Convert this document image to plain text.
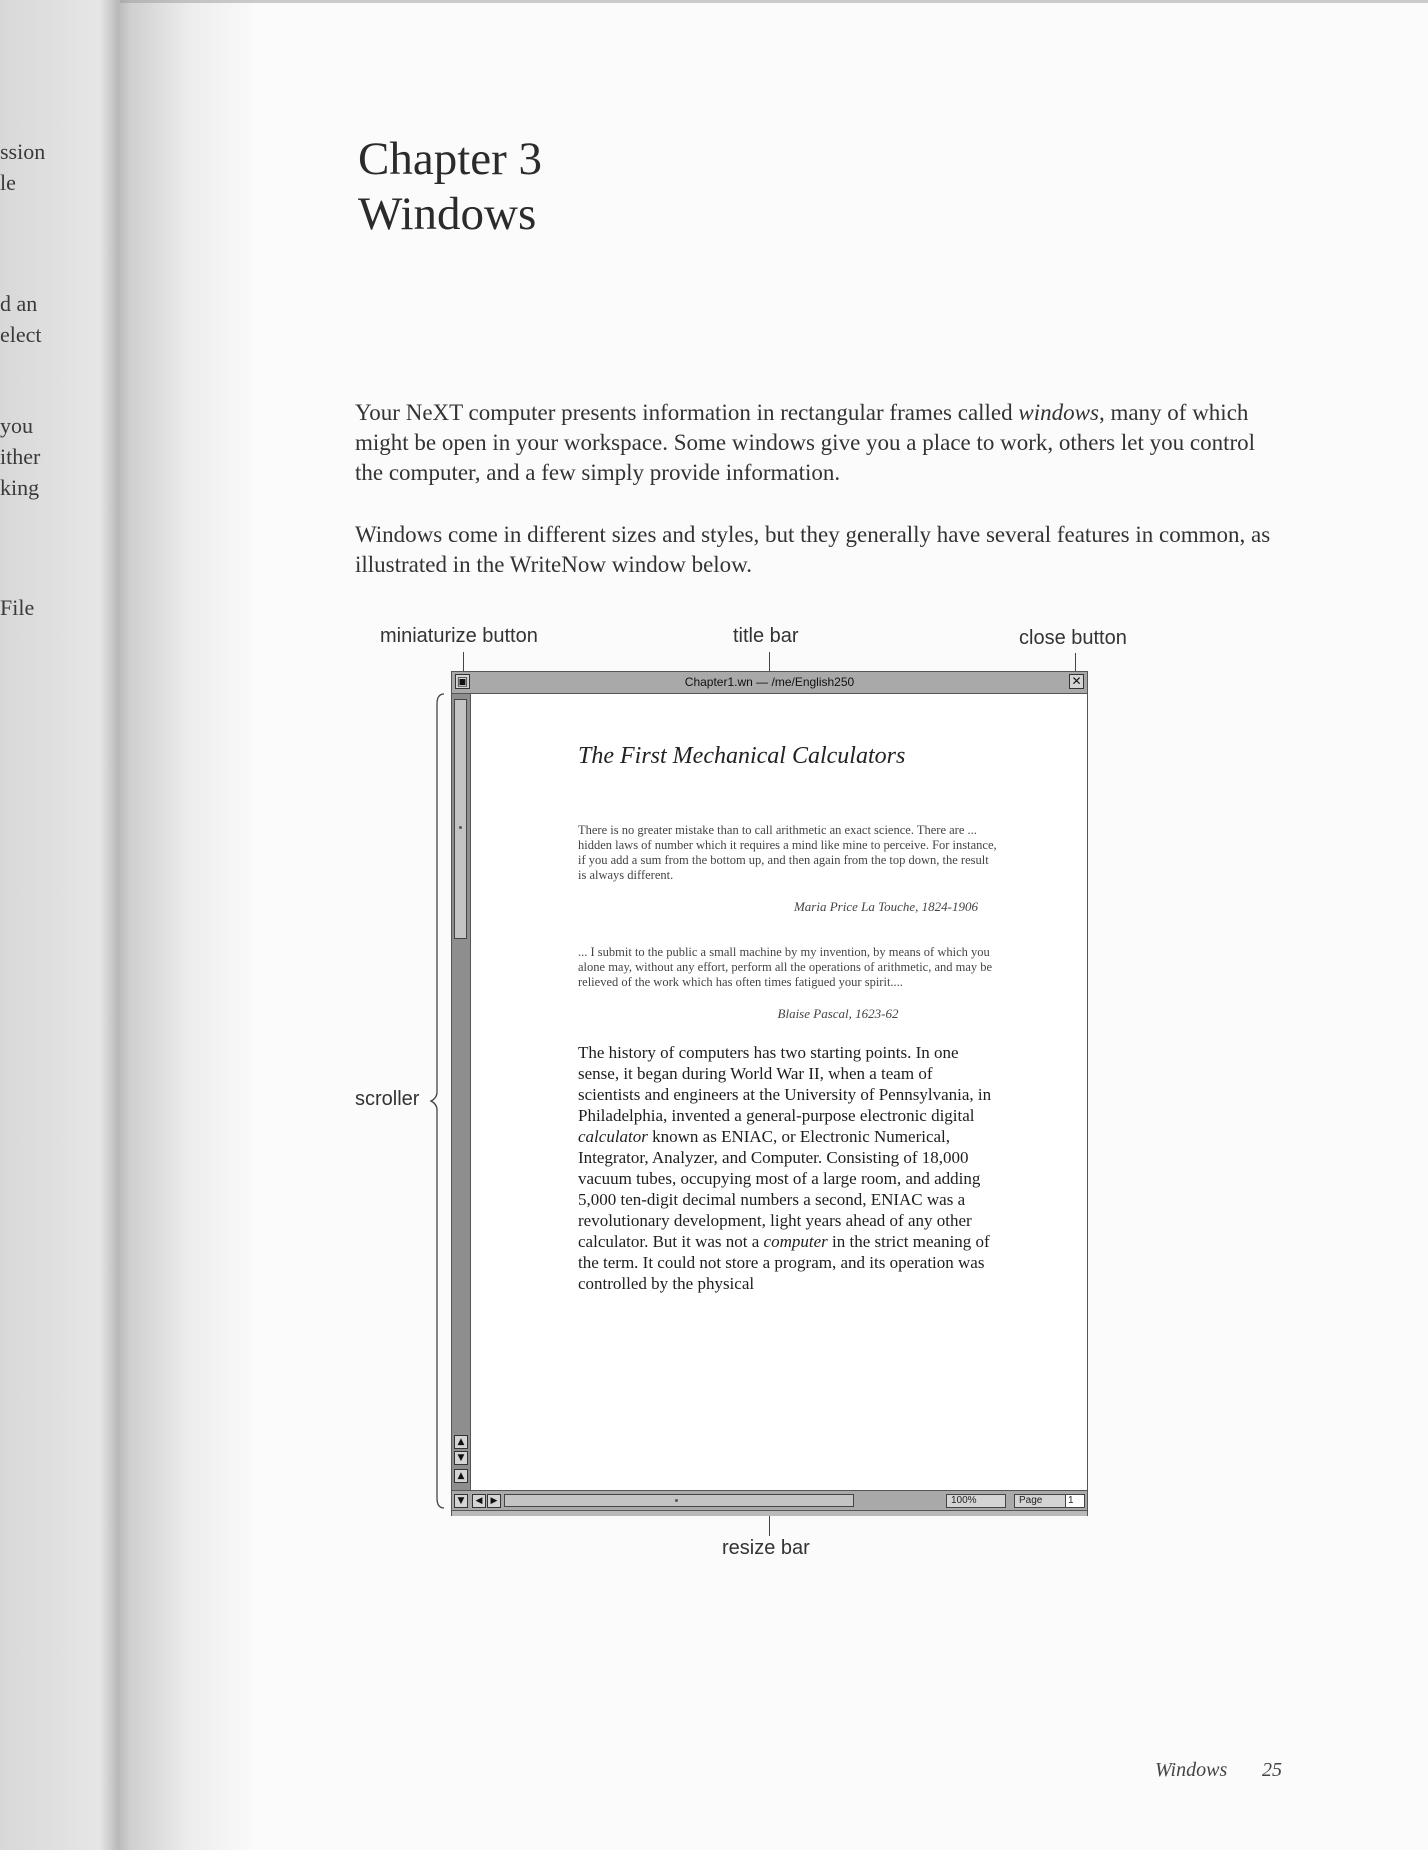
ssion
le
d an
elect
you
ither
king
File
Chapter 3
Windows

Your NeXT computer presents information in rectangular frames called windows, many of which might be open in your workspace. Some windows give you a place to work, others let you control the computer, and a few simply provide information.

Windows come in different sizes and styles, but they generally have several features in common, as illustrated in the WriteNow window below.

miniaturize button	title bar	close button
scroller
resize bar
▣	Chapter1.wn — /me/English250	✕
▲
▼
▲
The First Mechanical Calculators

There is no greater mistake than to call arithmetic an exact science. There are ... hidden laws of number which it requires a mind like mine to perceive. For instance, if you add a sum from the bottom up, and then again from the top down, the result is always different.

Maria Price La Touche, 1824-1906

... I submit to the public a small machine by my invention, by means of which you alone may, without any effort, perform all the operations of arithmetic, and may be relieved of the work which has often times fatigued your spirit....

Blaise Pascal, 1623-62

The history of computers has two starting points. In one sense, it began during World War II, when a team of scientists and engineers at the University of Pennsylvania, in Philadelphia, invented a general-purpose electronic digital calculator known as ENIAC, or Electronic Numerical, Integrator, Analyzer, and Computer. Consisting of 18,000 vacuum tubes, occupying most of a large room, and adding 5,000 ten-digit decimal numbers a second, ENIAC was a revolutionary development, light years ahead of any other calculator. But it was not a computer in the strict meaning of the term. It could not store a program, and its operation was controlled by the physical

▼	◀ ▶	100%	Page	1
Windows 25
